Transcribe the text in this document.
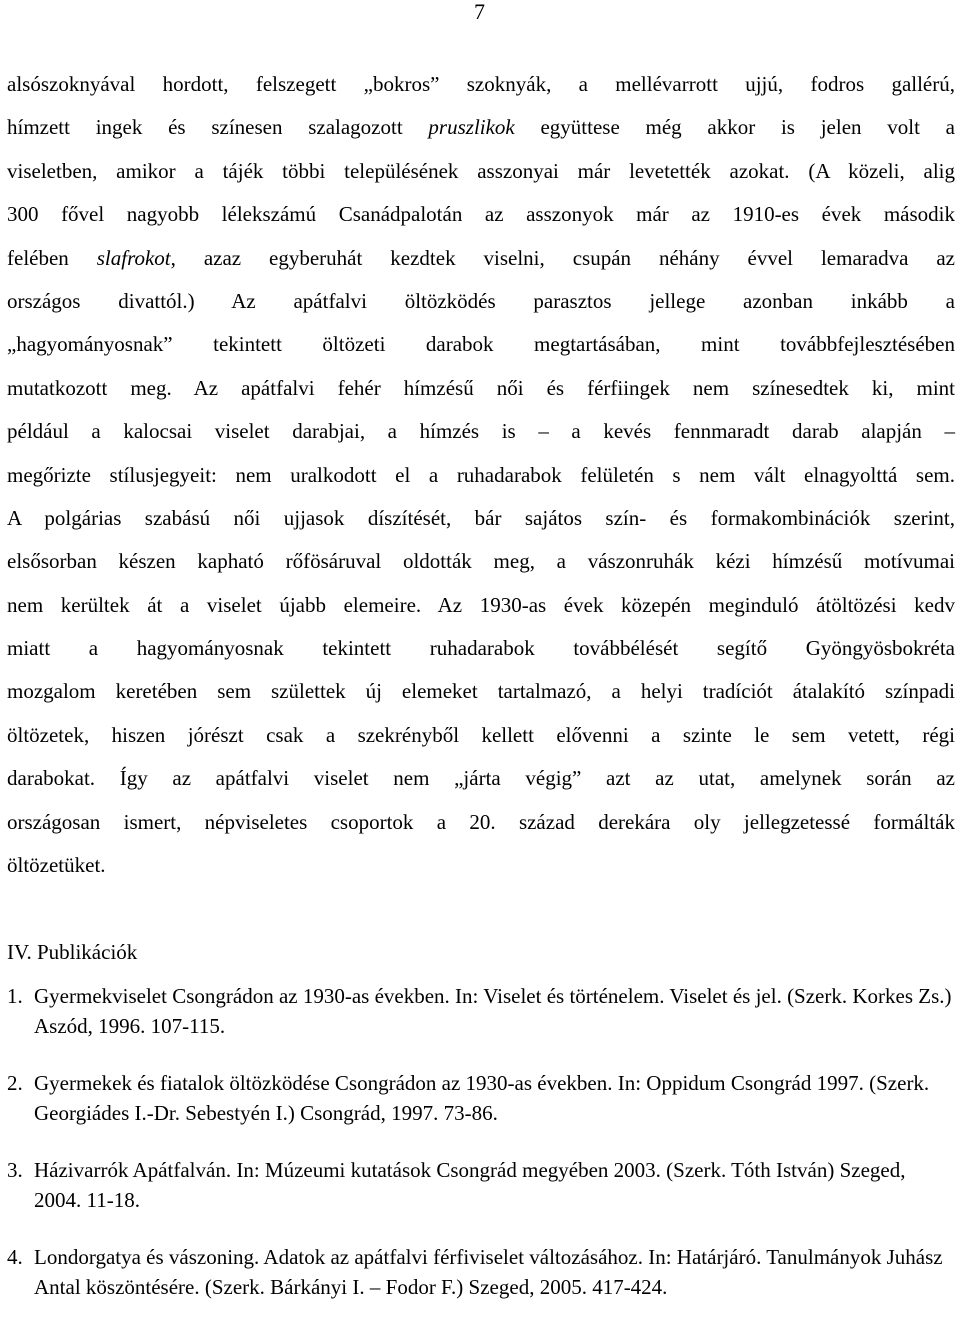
7
alsószoknyával hordott, felszegett „bokros” szoknyák, a mellévarrott ujjú, fodros gallérú,
hímzett ingek és színesen szalagozott pruszlikok együttese még akkor is jelen volt a
viseletben, amikor a tájék többi településének asszonyai már levetették azokat. (A közeli, alig
300 fővel nagyobb lélekszámú Csanádpalotán az asszonyok már az 1910-es évek második
felében slafrokot, azaz egyberuhát kezdtek viselni, csupán néhány évvel lemaradva az
országos divattól.) Az apátfalvi öltözködés parasztos jellege azonban inkább a
„hagyományosnak” tekintett öltözeti darabok megtartásában, mint továbbfejlesztésében
mutatkozott meg. Az apátfalvi fehér hímzésű női és férfiingek nem színesedtek ki, mint
például a kalocsai viselet darabjai, a hímzés is – a kevés fennmaradt darab alapján –
megőrizte stílusjegyeit: nem uralkodott el a ruhadarabok felületén s nem vált elnagyolttá sem.
A polgárias szabású női ujjasok díszítését, bár sajátos szín- és formakombinációk szerint,
elsősorban készen kapható rőfösáruval oldották meg, a vászonruhák kézi hímzésű motívumai
nem kerültek át a viselet újabb elemeire. Az 1930-as évek közepén meginduló átöltözési kedv
miatt a hagyományosnak tekintett ruhadarabok továbbélését segítő Gyöngyösbokréta
mozgalom keretében sem születtek új elemeket tartalmazó, a helyi tradíciót átalakító színpadi
öltözetek, hiszen jórészt csak a szekrényből kellett elővenni a szinte le sem vetett, régi
darabokat. Így az apátfalvi viselet nem „járta végig” azt az utat, amelynek során az
országosan ismert, népviseletes csoportok a 20. század derekára oly jellegzetessé formálták
öltözetüket.
IV. Publikációk
1. Gyermekviselet Csongrádon az 1930-as években. In: Viselet és történelem. Viselet és jel. (Szerk. Korkes Zs.) Aszód, 1996. 107-115.
2. Gyermekek és fiatalok öltözködése Csongrádon az 1930-as években. In: Oppidum Csongrád 1997. (Szerk. Georgiádes I.-Dr. Sebestyén I.) Csongrád, 1997. 73-86.
3. Házivarrók Apátfalván. In: Múzeumi kutatások Csongrád megyében 2003. (Szerk. Tóth István) Szeged, 2004. 11-18.
4. Londorgatya és vászoning. Adatok az apátfalvi férfiviselet változásához. In: Határjáró. Tanulmányok Juhász Antal köszöntésére. (Szerk. Bárkányi I. – Fodor F.) Szeged, 2005. 417-424.
